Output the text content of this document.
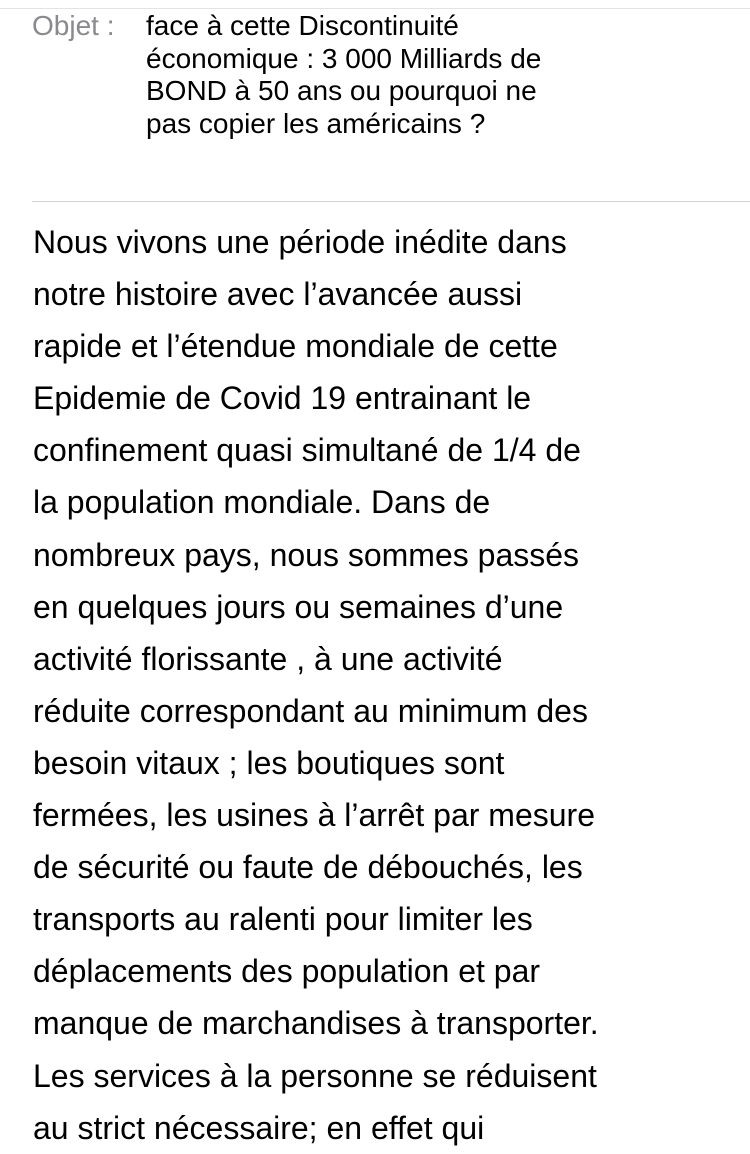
Objet : face à cette Discontinuité
économique : 3 000 Milliards de
BOND à 50 ans ou pourquoi ne
pas copier les américains ?
Nous vivons une période inédite dans
notre histoire avec l’avancée aussi
rapide et l’étendue mondiale de cette
Epidemie de Covid 19 entrainant le
confinement quasi simultané de 1/4 de
la population mondiale. Dans de
nombreux pays, nous sommes passés
en quelques jours ou semaines d’une
activité florissante , à une activité
réduite correspondant au minimum des
besoin vitaux ; les boutiques sont
fermées, les usines à l’arrêt par mesure
de sécurité ou faute de débouchés, les
transports au ralenti pour limiter les
déplacements des population et par
manque de marchandises à transporter.
Les services à la personne se réduisent
au strict nécessaire; en effet qui
